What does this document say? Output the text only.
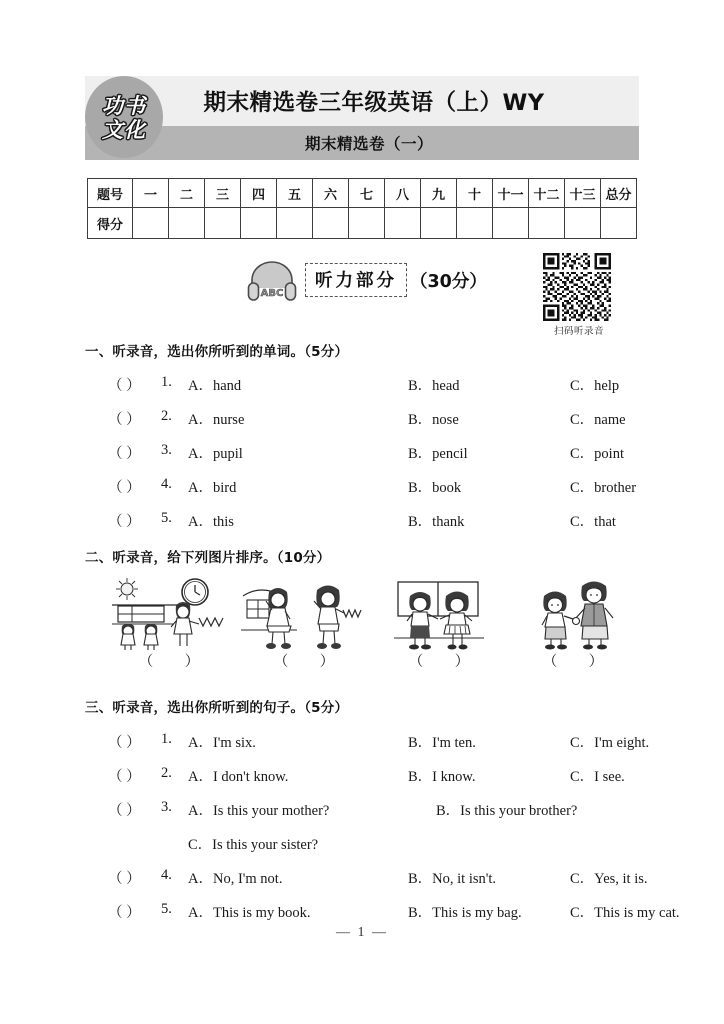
功书
文化
期末精选卷三年级英语（上）WY
期末精选卷（一）
题号	一	二	三	四	五	六	七	八	九	十	十一	十二	十三	总分
得分														
ABC
听力部分 （30分）
扫码听录音
一、听录音，选出你所听到的单词。（5分）
（ ） 1. A．hand	B．head	C．help
（ ） 2. A．nurse	B．nose	C．name
（ ） 3. A．pupil	B．pencil	C．point
（ ） 4. A．bird	B．book	C．brother
（ ） 5. A．this	B．thank	C．that
二、听录音，给下列图片排序。（10分）
（ ）	（ ）	（ ）	（ ）
三、听录音，选出你所听到的句子。（5分）
（ ） 1. A．I'm six.	B．I'm ten.	C．I'm eight.
（ ） 2. A．I don't know.	B．I know.	C．I see.
（ ） 3. A．Is this your mother?	B．Is this your brother?
C．Is this your sister?
（ ） 4. A．No, I'm not.	B．No, it isn't.	C．Yes, it is.
（ ） 5. A．This is my book.	B．This is my bag.	C．This is my cat.
— 1 —
